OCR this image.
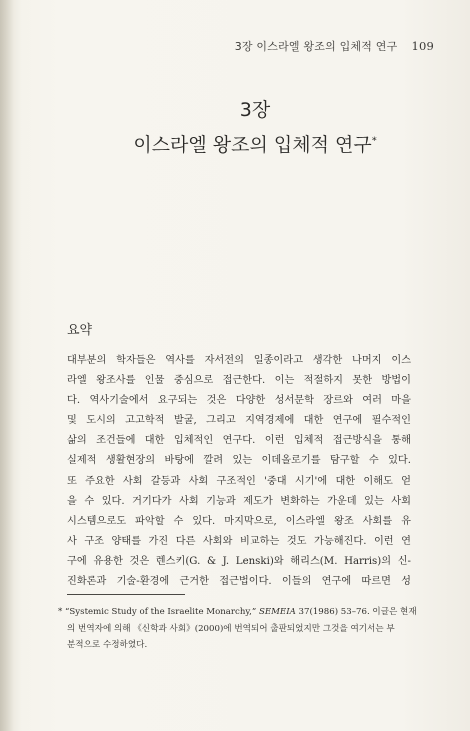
3장 이스라엘 왕조의 입체적 연구 109
3장
이스라엘 왕조의 입체적 연구*
요약
대부분의 학자들은 역사를 자서전의 일종이라고 생각한 나머지 이스
라엘 왕조사를 인물 중심으로 접근한다. 이는 적절하지 못한 방법이
다. 역사기술에서 요구되는 것은 다양한 성서문학 장르와 여러 마을
및 도시의 고고학적 발굴, 그리고 지역경제에 대한 연구에 필수적인
삶의 조건들에 대한 입체적인 연구다. 이런 입체적 접근방식을 통해
실제적 생활현장의 바탕에 깔려 있는 이데올로기를 탐구할 수 있다.
또 주요한 사회 갈등과 사회 구조적인 '중대 시기'에 대한 이해도 얻
을 수 있다. 거기다가 사회 기능과 제도가 변화하는 가운데 있는 사회
시스템으로도 파악할 수 있다. 마지막으로, 이스라엘 왕조 사회를 유
사 구조 양태를 가진 다른 사회와 비교하는 것도 가능해진다. 이런 연
구에 유용한 것은 렌스키(G. & J. Lenski)와 해리스(M. Harris)의 신-
진화론과 기술-환경에 근거한 접근법이다. 이들의 연구에 따르면 성
* “Systemic Study of the Israelite Monarchy,” SEMEIA 37(1986) 53–76. 이글은 현재
의 번역자에 의해 《신학과 사회》(2000)에 번역되어 출판되었지만 그것을 여기서는 부
분적으로 수정하였다.
